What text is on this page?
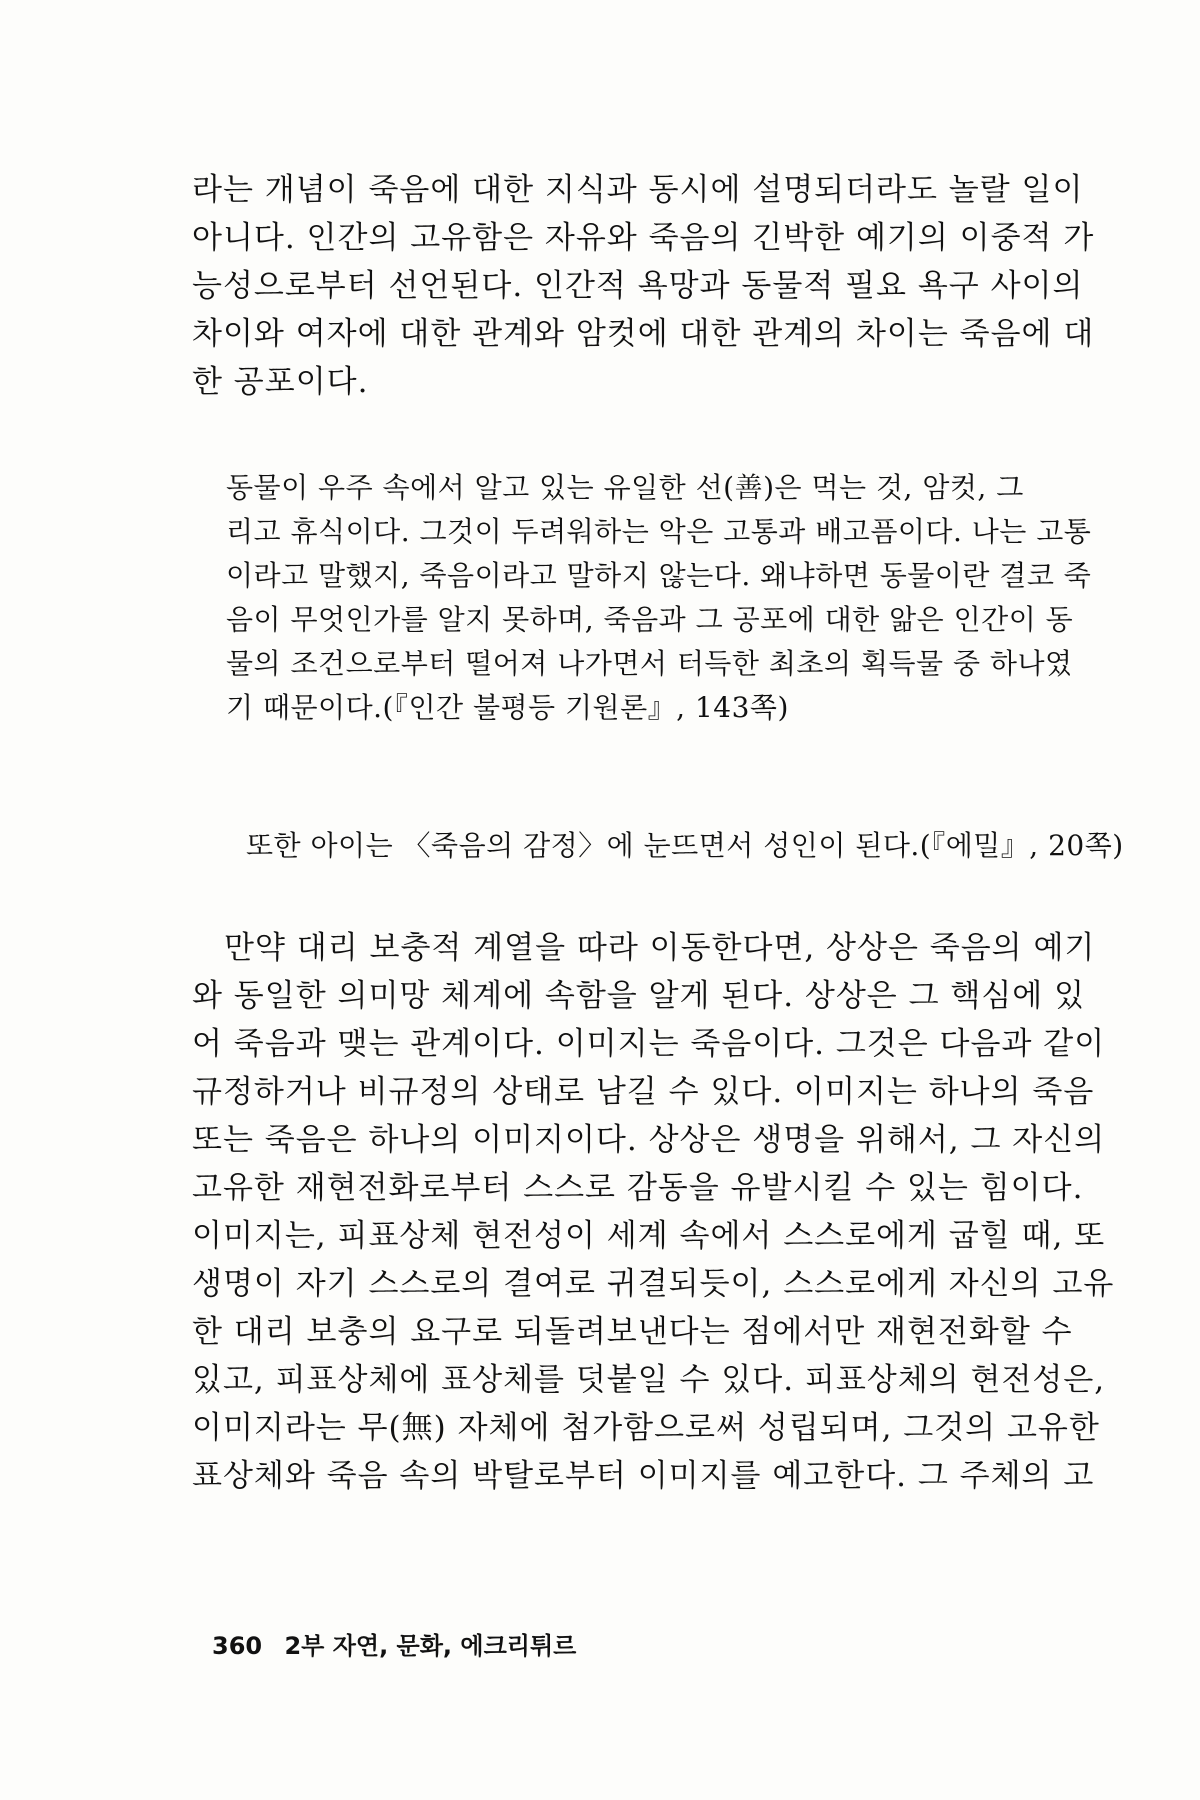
라는 개념이 죽음에 대한 지식과 동시에 설명되더라도 놀랄 일이
아니다. 인간의 고유함은 자유와 죽음의 긴박한 예기의 이중적 가
능성으로부터 선언된다. 인간적 욕망과 동물적 필요 욕구 사이의
차이와 여자에 대한 관계와 암컷에 대한 관계의 차이는 죽음에 대
한 공포이다.
동물이 우주 속에서 알고 있는 유일한 선(善)은 먹는 것, 암컷, 그
리고 휴식이다. 그것이 두려워하는 악은 고통과 배고픔이다. 나는 고통
이라고 말했지, 죽음이라고 말하지 않는다. 왜냐하면 동물이란 결코 죽
음이 무엇인가를 알지 못하며, 죽음과 그 공포에 대한 앎은 인간이 동
물의 조건으로부터 떨어져 나가면서 터득한 최초의 획득물 중 하나였
기 때문이다.(『인간 불평등 기원론』, 143쪽)
또한 아이는 〈죽음의 감정〉에 눈뜨면서 성인이 된다.(『에밀』, 20쪽)
만약 대리 보충적 계열을 따라 이동한다면, 상상은 죽음의 예기
와 동일한 의미망 체계에 속함을 알게 된다. 상상은 그 핵심에 있
어 죽음과 맺는 관계이다. 이미지는 죽음이다. 그것은 다음과 같이
규정하거나 비규정의 상태로 남길 수 있다. 이미지는 하나의 죽음
또는 죽음은 하나의 이미지이다. 상상은 생명을 위해서, 그 자신의
고유한 재현전화로부터 스스로 감동을 유발시킬 수 있는 힘이다.
이미지는, 피표상체 현전성이 세계 속에서 스스로에게 굽힐 때, 또
생명이 자기 스스로의 결여로 귀결되듯이, 스스로에게 자신의 고유
한 대리 보충의 요구로 되돌려보낸다는 점에서만 재현전화할 수
있고, 피표상체에 표상체를 덧붙일 수 있다. 피표상체의 현전성은,
이미지라는 무(無) 자체에 첨가함으로써 성립되며, 그것의 고유한
표상체와 죽음 속의 박탈로부터 이미지를 예고한다. 그 주체의 고
360 2부 자연, 문화, 에크리튀르
